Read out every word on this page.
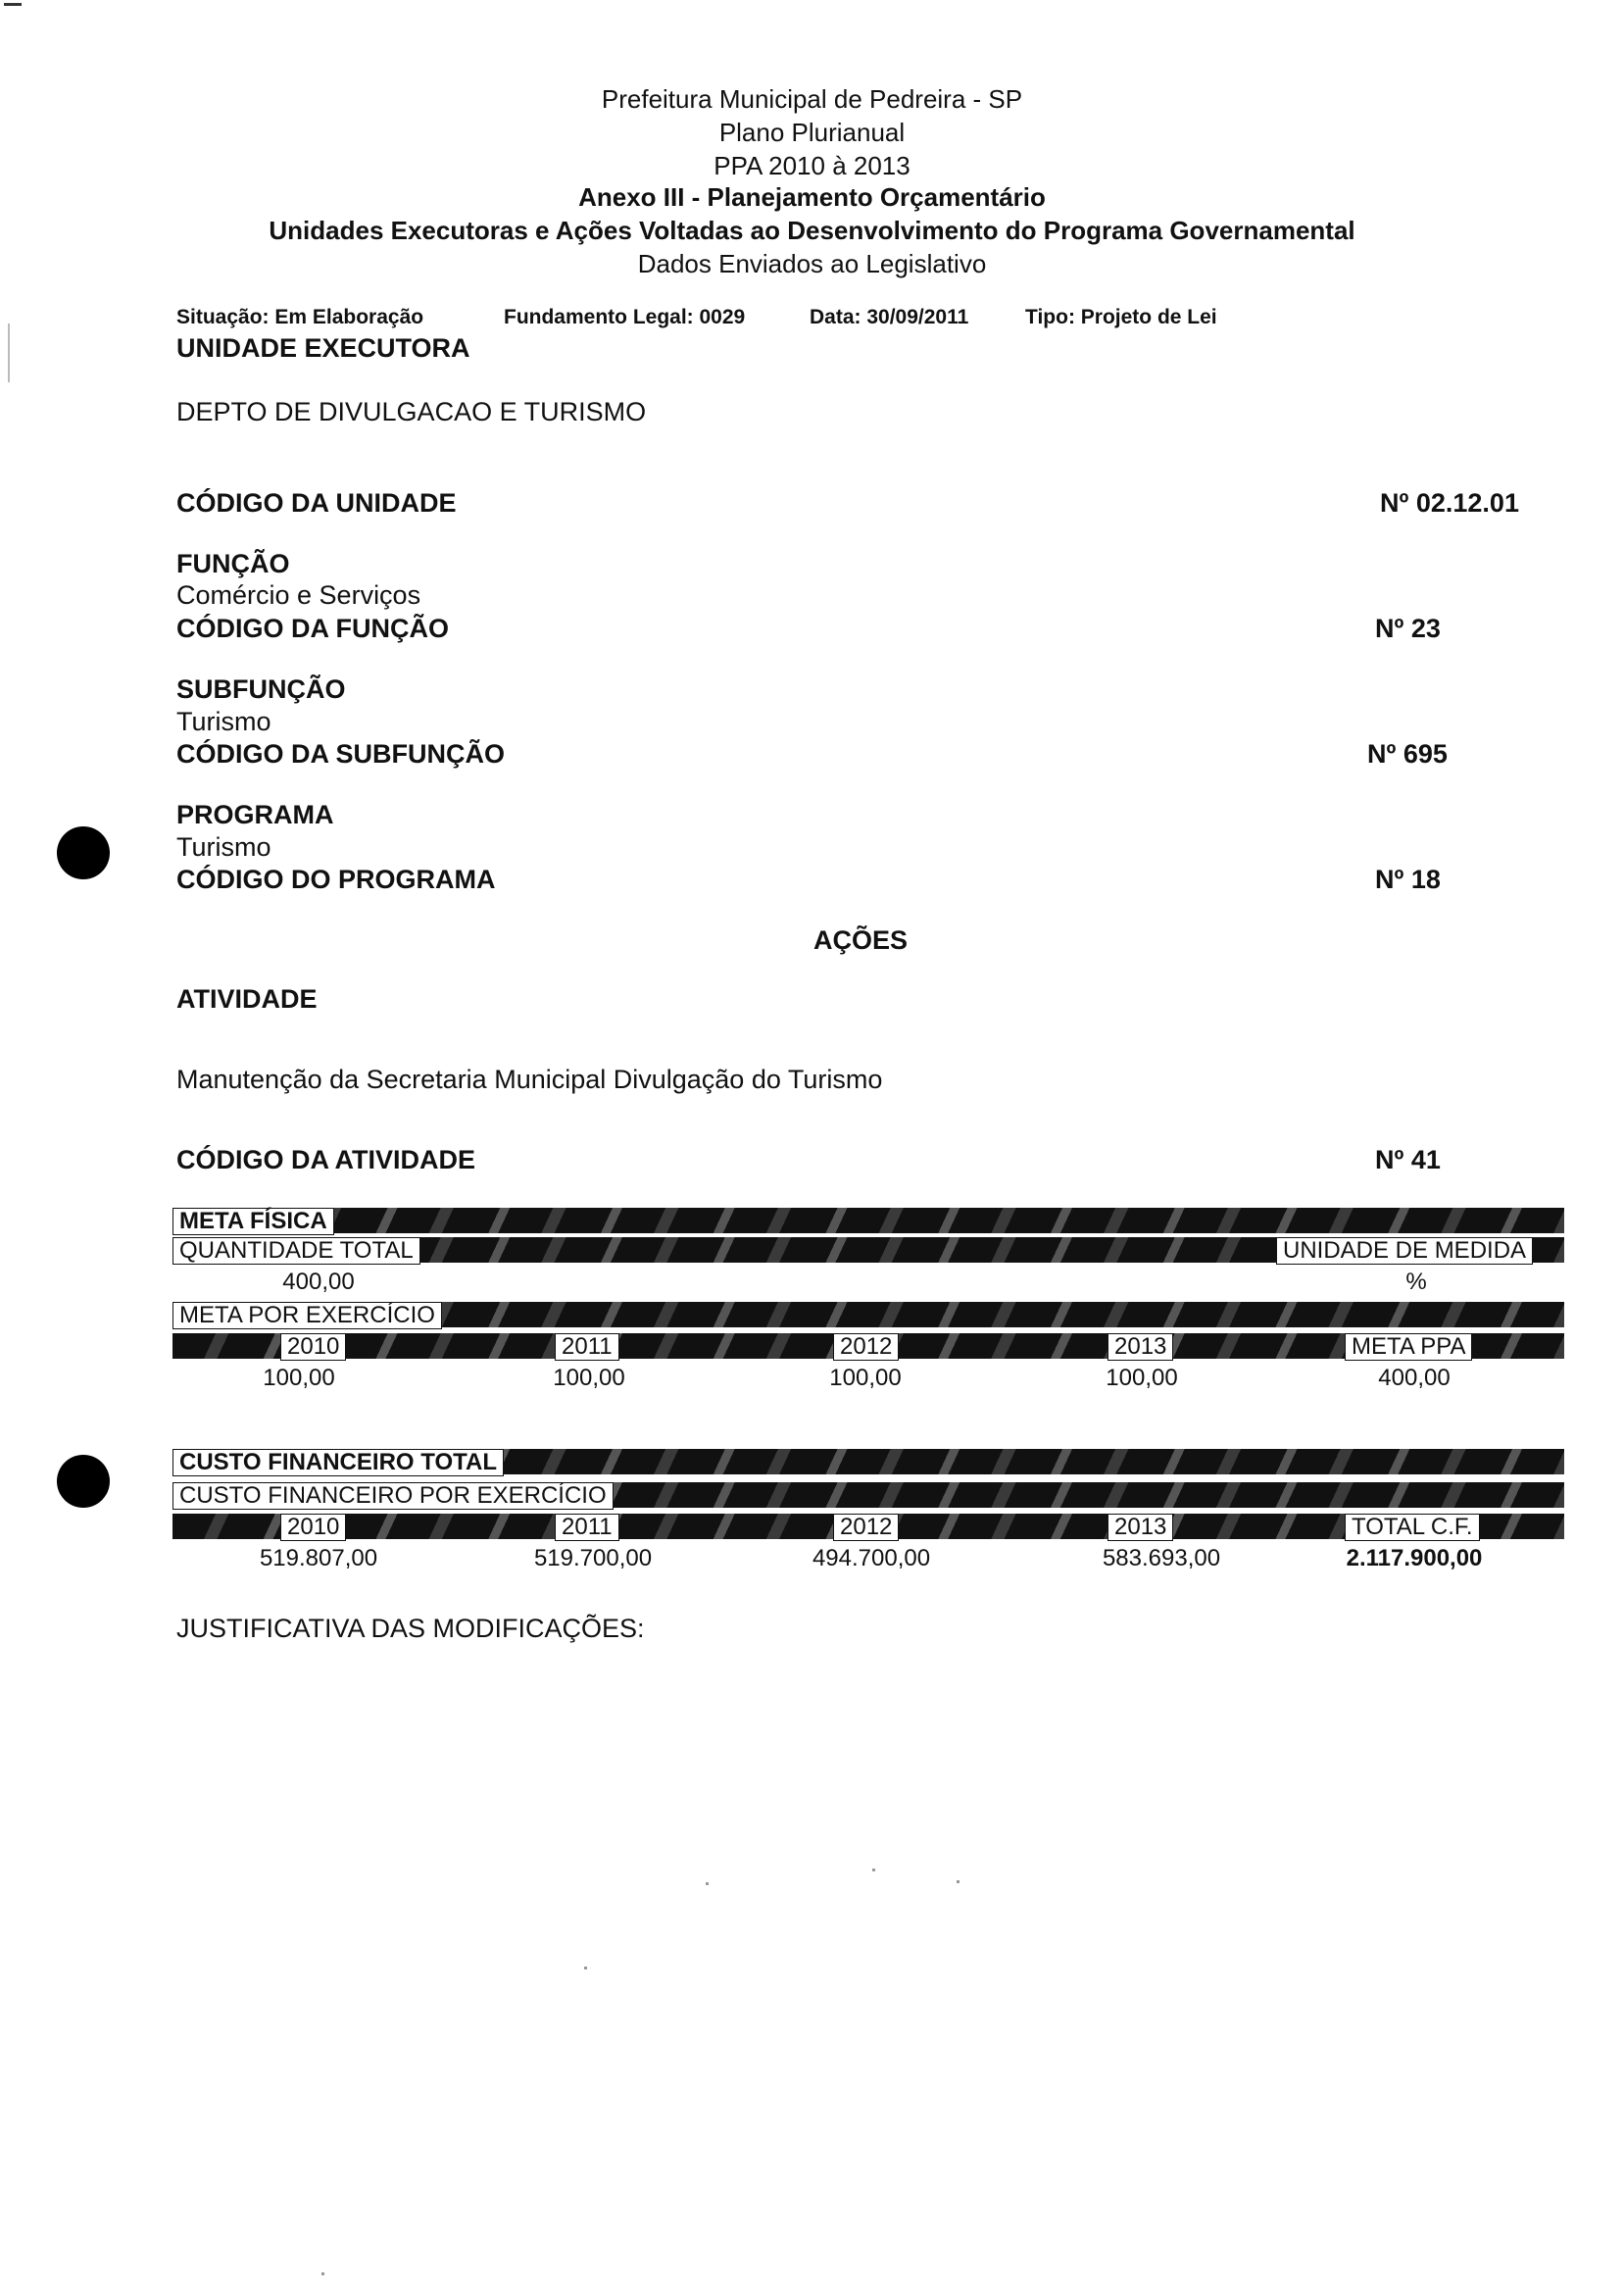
Prefeitura Municipal de Pedreira - SP
Plano Plurianual
PPA 2010 à 2013
Anexo III - Planejamento Orçamentário
Unidades Executoras e Ações Voltadas ao Desenvolvimento do Programa Governamental
Dados Enviados ao Legislativo
Situação: Em Elaboração	Fundamento Legal: 0029	Data: 30/09/2011	Tipo: Projeto de Lei
UNIDADE EXECUTORA
DEPTO DE DIVULGACAO E TURISMO
CÓDIGO DA UNIDADE	Nº 02.12.01
FUNÇÃO
Comércio e Serviços
CÓDIGO DA FUNÇÃO	Nº 23
SUBFUNÇÃO
Turismo
CÓDIGO DA SUBFUNÇÃO	Nº 695
PROGRAMA
Turismo
CÓDIGO DO PROGRAMA	Nº 18
AÇÕES
ATIVIDADE
Manutenção da Secretaria Municipal Divulgação do Turismo
CÓDIGO DA ATIVIDADE	Nº 41
META FÍSICA
QUANTIDADE TOTAL	UNIDADE DE MEDIDA
400,00	%
META POR EXERCÍCIO
2010	2011	2012	2013	META PPA
100,00	100,00	100,00	100,00	400,00
CUSTO FINANCEIRO TOTAL
CUSTO FINANCEIRO POR EXERCÍCIO
2010	2011	2012	2013	TOTAL C.F.
519.807,00	519.700,00	494.700,00	583.693,00	2.117.900,00
JUSTIFICATIVA DAS MODIFICAÇÕES:
